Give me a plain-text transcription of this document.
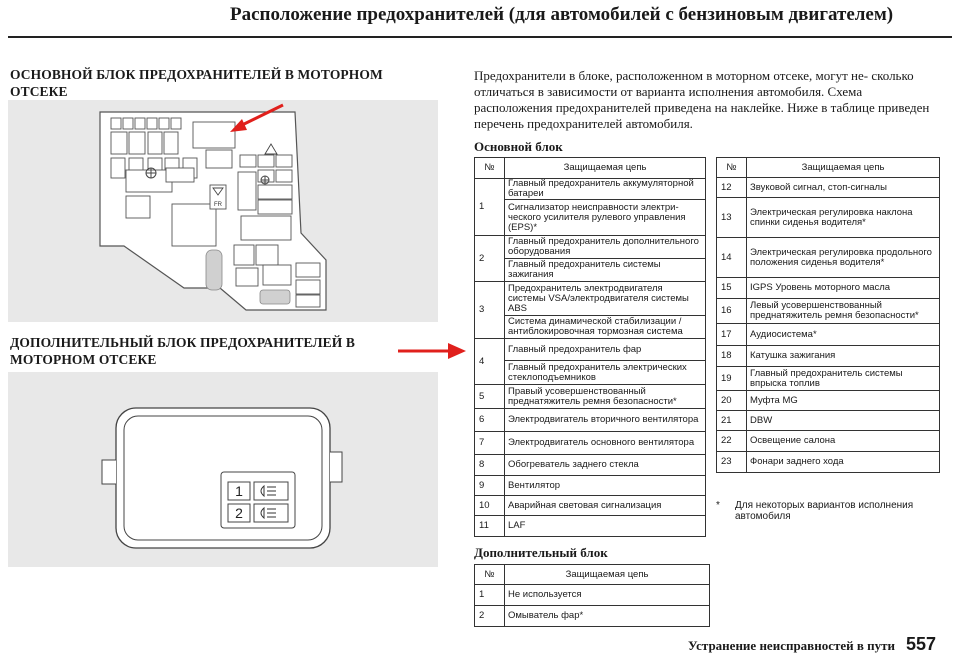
Расположение предохранителей (для автомобилей с бензиновым двигателем)
ОСНОВНОЙ БЛОК ПРЕДОХРАНИТЕЛЕЙ В МОТОРНОМ ОТСЕКЕ
FR
ДОПОЛНИТЕЛЬНЫЙ БЛОК ПРЕДОХРАНИТЕЛЕЙ В МОТОРНОМ ОТСЕКЕ
1
2
Предохранители в блоке, расположенном в моторном отсеке, могут не- сколько отличаться в зависимости от варианта исполнения автомобиля. Схема расположения предохранителей приведена на наклейке. Ниже в таблице приведен перечень предохранителей автомобиля.
Основной блок
№	Защищаемая цепь
1	Главный предохранитель аккумуляторной батареи
	Сигнализатор неисправности электри- ческого усилителя рулевого управления (EPS)*
2	Главный предохранитель дополнительного оборудования
	Главный предохранитель системы зажигания
3	Предохранитель электродвигателя системы VSA/электродвигателя системы ABS
	Система динамической стабилизации / антиблокировочная тормозная система
4	Главный предохранитель фар
	Главный предохранитель электрических стеклоподъемников
5	Правый усовершенствованный преднатяжитель ремня безопасности*
6	Электродвигатель вторичного вентилятора
7	Электродвигатель основного вентилятора
8	Обогреватель заднего стекла
9	Вентилятор
10	Аварийная световая сигнализация
11	LAF
№	Защищаемая цепь
12	Звуковой сигнал, стоп-сигналы
13	Электрическая регулировка наклона спинки сиденья водителя*
14	Электрическая регулировка продольного положения сиденья водителя*
15	IGPS Уровень моторного масла
16	Левый усовершенствованный преднатяжитель ремня безопасности*
17	Аудиосистема*
18	Катушка зажигания
19	Главный предохранитель системы впрыска топлив
20	Муфта MG
21	DBW
22	Освещение салона
23	Фонари заднего хода
* Для некоторых вариантов исполнения автомобиля
Дополнительный блок
№	Защищаемая цепь
1	Не используется
2	Омыватель фар*
Устранение неисправностей в пути 557
